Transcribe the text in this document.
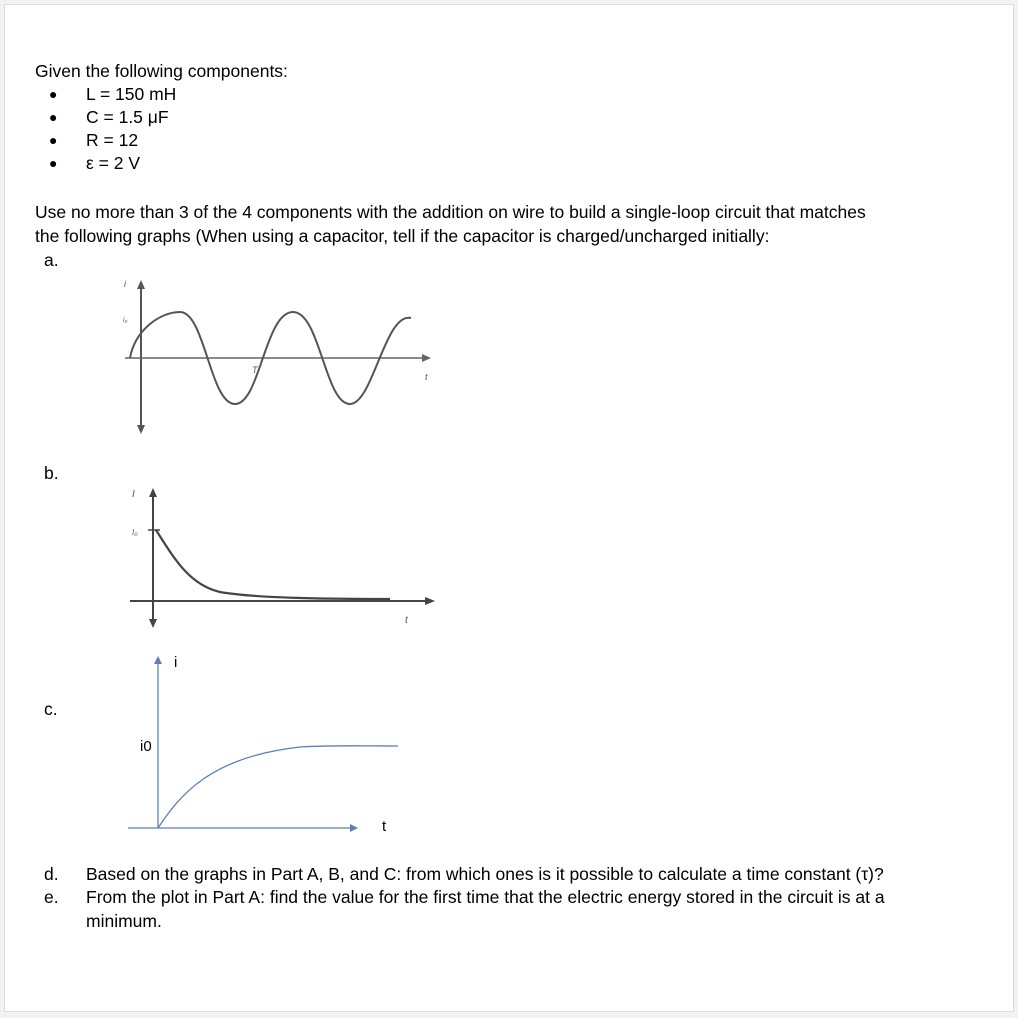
Given the following components:
● L = 150 mH
● C = 1.5 μF
● R = 12
● ε = 2 V
Use no more than 3 of the 4 components with the addition on wire to build a single-loop circuit that matches
the following graphs (When using a capacitor, tell if the capacitor is charged/uncharged initially:
a.
b.
c.
i
i₀
T
t
I
I₀
t
i
i0
t
d. Based on the graphs in Part A, B, and C: from which ones is it possible to calculate a time constant (τ)?
e. From the plot in Part A: find the value for the first time that the electric energy stored in the circuit is at a
minimum.
